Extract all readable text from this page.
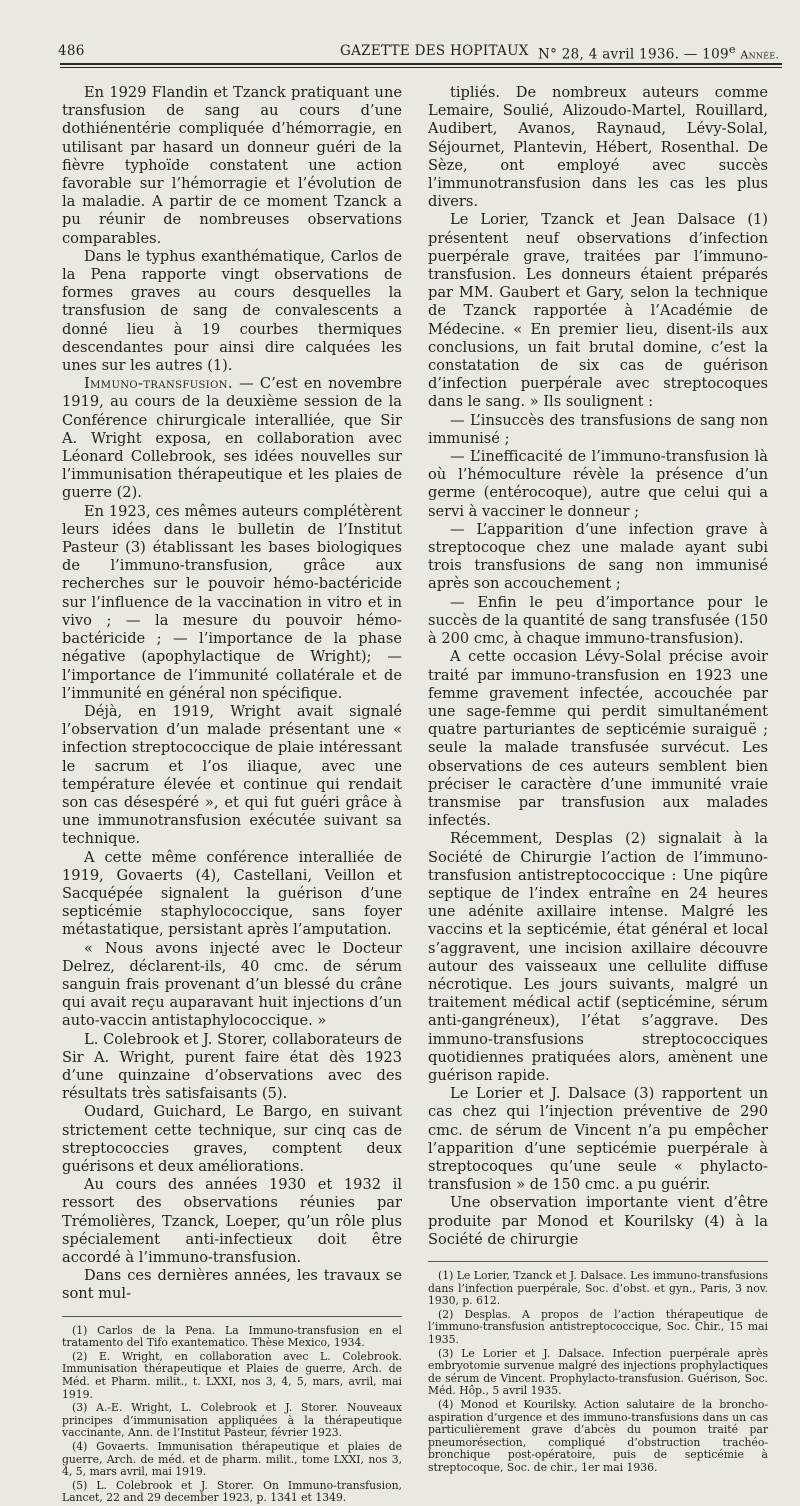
486	GAZETTE DES HOPITAUX N° 28, 4 avril 1936. — 109e Année.

En 1929 Flandin et Tzanck pratiquant une transfusion de sang au cours d’une dothiénentérie compliquée d’hémorragie, en utilisant par hasard un donneur guéri de la fièvre typhoïde constatent une action favorable sur l’hémorragie et l’évolution de la maladie. A partir de ce moment Tzanck a pu réunir de nombreuses observations comparables.

Dans le typhus exanthématique, Carlos de la Pena rapporte vingt observations de formes graves au cours desquelles la transfusion de sang de convalescents a donné lieu à 19 courbes thermiques descendantes pour ainsi dire calquées les unes sur les autres (1).

Immuno-transfusion. — C’est en novembre 1919, au cours de la deuxième session de la Conférence chirurgicale interalliée, que Sir A. Wright exposa, en collaboration avec Léonard Collebrook, ses idées nouvelles sur l’immunisation thérapeutique et les plaies de guerre (2).

En 1923, ces mêmes auteurs complétèrent leurs idées dans le bulletin de l’Institut Pasteur (3) établissant les bases biologiques de l’immuno-transfusion, grâce aux recherches sur le pouvoir hémo-bactéricide sur l’influence de la vaccination in vitro et in vivo ; — la mesure du pouvoir hémo-bactéricide ; — l’importance de la phase négative (apophylactique de Wright); — l’importance de l’immunité collatérale et de l’immunité en général non spécifique.

Déjà, en 1919, Wright avait signalé l’observation d’un malade présentant une « infection streptococcique de plaie intéressant le sacrum et l’os iliaque, avec une température élevée et continue qui rendait son cas désespéré », et qui fut guéri grâce à une immunotransfusion exécutée suivant sa technique.

A cette même conférence interalliée de 1919, Govaerts (4), Castellani, Veillon et Sacquépée signalent la guérison d’une septicémie staphylococcique, sans foyer métastatique, persistant après l’amputation.

« Nous avons injecté avec le Docteur Delrez, déclarent-ils, 40 cmc. de sérum sanguin frais provenant d’un blessé du crâne qui avait reçu auparavant huit injections d’un auto-vaccin antistaphylococcique. »

L. Colebrook et J. Storer, collaborateurs de Sir A. Wright, purent faire état dès 1923 d’une quinzaine d’observations avec des résultats très satisfaisants (5).

Oudard, Guichard, Le Bargo, en suivant strictement cette technique, sur cinq cas de streptococcies graves, comptent deux guérisons et deux améliorations.

Au cours des années 1930 et 1932 il ressort des observations réunies par Trémolières, Tzanck, Loeper, qu’un rôle plus spécialement anti-infectieux doit être accordé à l’immuno-transfusion.

Dans ces dernières années, les travaux se sont mul-

(1) Carlos de la Pena. La Immuno-transfusion en el tratamento del Tifo exantematico. Thèse Mexico, 1934.

(2) E. Wright, en collaboration avec L. Colebrook. Immunisation thérapeutique et Plaies de guerre, Arch. de Méd. et Pharm. milit., t. LXXI, nos 3, 4, 5, mars, avril, mai 1919.

(3) A.-E. Wright, L. Colebrook et J. Storer. Nouveaux principes d’immunisation appliquées à la thérapeutique vaccinante, Ann. de l’Institut Pasteur, février 1923.

(4) Govaerts. Immunisation thérapeutique et plaies de guerre, Arch. de méd. et de pharm. milit., tome LXXI, nos 3, 4, 5, mars avril, mai 1919.

(5) L. Colebrook et J. Storer. On Immuno-transfusion, Lancet, 22 and 29 december 1923, p. 1341 et 1349.

tipliés. De nombreux auteurs comme Lemaire, Soulié, Alizoudo-Martel, Rouillard, Audibert, Avanos, Raynaud, Lévy-Solal, Séjournet, Plantevin, Hébert, Rosenthal. De Sèze, ont employé avec succès l’immunotransfusion dans les cas les plus divers.

Le Lorier, Tzanck et Jean Dalsace (1) présentent neuf observations d’infection puerpérale grave, traitées par l’immuno-transfusion. Les donneurs étaient préparés par MM. Gaubert et Gary, selon la technique de Tzanck rapportée à l’Académie de Médecine. « En premier lieu, disent-ils aux conclusions, un fait brutal domine, c’est la constatation de six cas de guérison d’infection puerpérale avec streptocoques dans le sang. » Ils soulignent :

— L’insuccès des transfusions de sang non immunisé ;

— L’inefficacité de l’immuno-transfusion là où l’hémoculture révèle la présence d’un germe (entérocoque), autre que celui qui a servi à vacciner le donneur ;

— L’apparition d’une infection grave à streptocoque chez une malade ayant subi trois transfusions de sang non immunisé après son accouchement ;

— Enfin le peu d’importance pour le succès de la quantité de sang transfusée (150 à 200 cmc, à chaque immuno-transfusion).

A cette occasion Lévy-Solal précise avoir traité par immuno-transfusion en 1923 une femme gravement infectée, accouchée par une sage-femme qui perdit simultanément quatre parturiantes de septicémie suraiguë ; seule la malade transfusée survécut. Les observations de ces auteurs semblent bien préciser le caractère d’une immunité vraie transmise par transfusion aux malades infectés.

Récemment, Desplas (2) signalait à la Société de Chirurgie l’action de l’immuno-transfusion antistreptococcique : Une piqûre septique de l’index entraîne en 24 heures une adénite axillaire intense. Malgré les vaccins et la septicémie, état général et local s’aggravent, une incision axillaire découvre autour des vaisseaux une cellulite diffuse nécrotique. Les jours suivants, malgré un traitement médical actif (septicémine, sérum anti-gangréneux), l’état s’aggrave. Des immuno-transfusions streptococciques quotidiennes pratiquées alors, amènent une guérison rapide.

Le Lorier et J. Dalsace (3) rapportent un cas chez qui l’injection préventive de 290 cmc. de sérum de Vincent n’a pu empêcher l’apparition d’une septicémie puerpérale à streptocoques qu’une seule « phylacto-transfusion » de 150 cmc. a pu guérir.

Une observation importante vient d’être produite par Monod et Kourilsky (4) à la Société de chirurgie

(1) Le Lorier, Tzanck et J. Dalsace. Les immuno-transfusions dans l’infection puerpérale, Soc. d’obst. et gyn., Paris, 3 nov. 1930, p. 612.

(2) Desplas. A propos de l’action thérapeutique de l’immuno-transfusion antistreptococcique, Soc. Chir., 15 mai 1935.

(3) Le Lorier et J. Dalsace. Infection puerpérale après embryotomie survenue malgré des injections prophylactiques de sérum de Vincent. Prophylacto-transfusion. Guérison, Soc. Méd. Hôp., 5 avril 1935.

(4) Monod et Kourilsky. Action salutaire de la broncho-aspiration d’urgence et des immuno-transfusions dans un cas particulièrement grave d’abcès du poumon traité par pneumorésection, compliqué d’obstruction trachéo-bronchique post-opératoire, puis de septicémie à streptocoque, Soc. de chir., 1er mai 1936.
